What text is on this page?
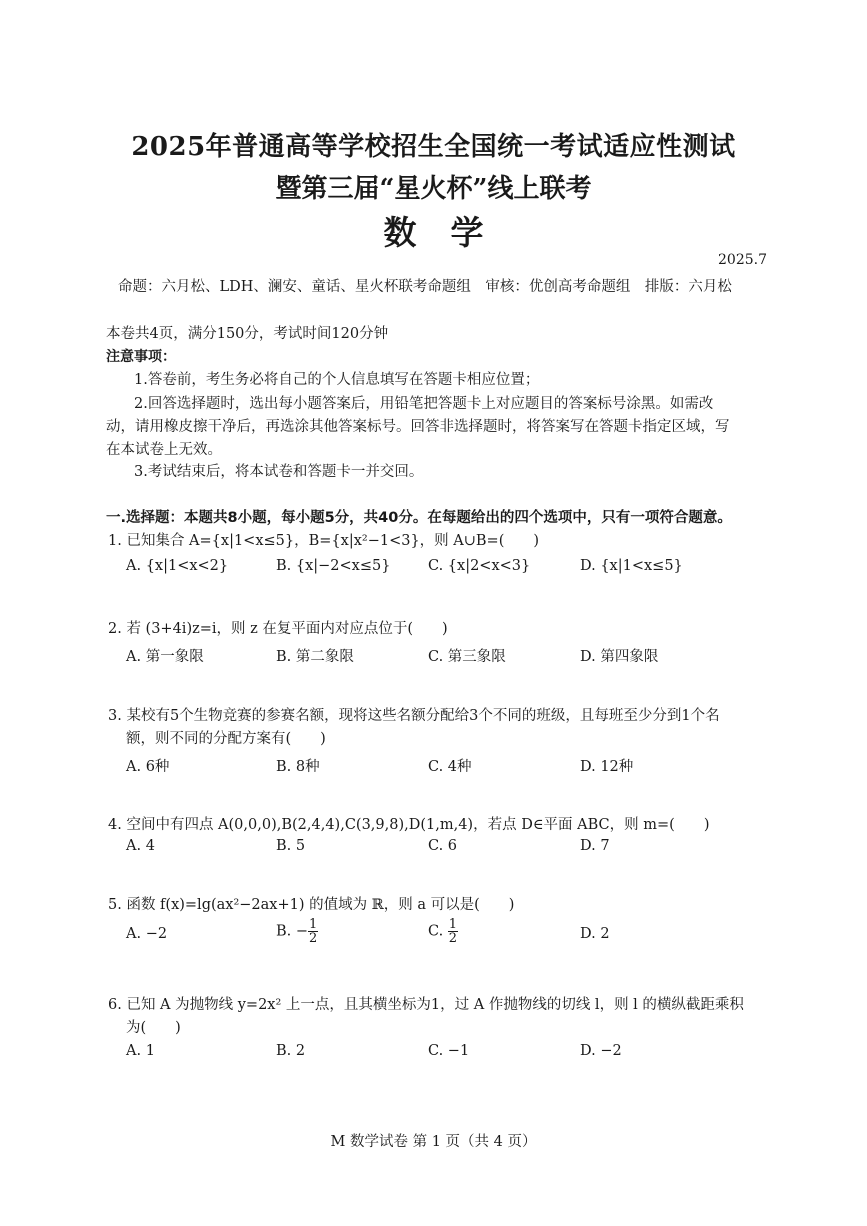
2025年普通高等学校招生全国统一考试适应性测试
暨第三届“星火杯”线上联考
数学
2025.7
命题：六月松、LDH、澜安、童话、星火杯联考命题组　审核：优创高考命题组　排版：六月松
本卷共4页，满分150分，考试时间120分钟
注意事项：
1.答卷前，考生务必将自己的个人信息填写在答题卡相应位置；
2.回答选择题时，选出每小题答案后，用铅笔把答题卡上对应题目的答案标号涂黑。如需改
动，请用橡皮擦干净后，再选涂其他答案标号。回答非选择题时，将答案写在答题卡指定区域，写
在本试卷上无效。
3.考试结束后，将本试卷和答题卡一并交回。
一.选择题：本题共8小题，每小题5分，共40分。在每题给出的四个选项中，只有一项符合题意。
1. 已知集合 A={x|1<x≤5}，B={x|x²−1<3}，则 A∪B=(　　)
A. {x|1<x<2}	B. {x|−2<x≤5}	C. {x|2<x<3}	D. {x|1<x≤5}
2. 若 (3+4i)z=i，则 z 在复平面内对应点位于(　　)
A. 第一象限	B. 第二象限	C. 第三象限	D. 第四象限
3. 某校有5个生物竞赛的参赛名额，现将这些名额分配给3个不同的班级，且每班至少分到1个名
额，则不同的分配方案有(　　)
A. 6种	B. 8种	C. 4种	D. 12种
4. 空间中有四点 A(0,0,0),B(2,4,4),C(3,9,8),D(1,m,4)，若点 D∈平面 ABC，则 m=(　　)
A. 4	B. 5	C. 6	D. 7
5. 函数 f(x)=lg(ax²−2ax+1) 的值域为 ℝ，则 a 可以是(　　)
A. −2	B. − $\frac{1}{2}$	C. $\frac{1}{2}$	D. 2
6. 已知 A 为抛物线 y=2x² 上一点，且其横坐标为1，过 A 作抛物线的切线 l，则 l 的横纵截距乘积
为(　　)
A. 1	B. 2	C. −1	D. −2
M 数学试卷 第 1 页（共 4 页）
